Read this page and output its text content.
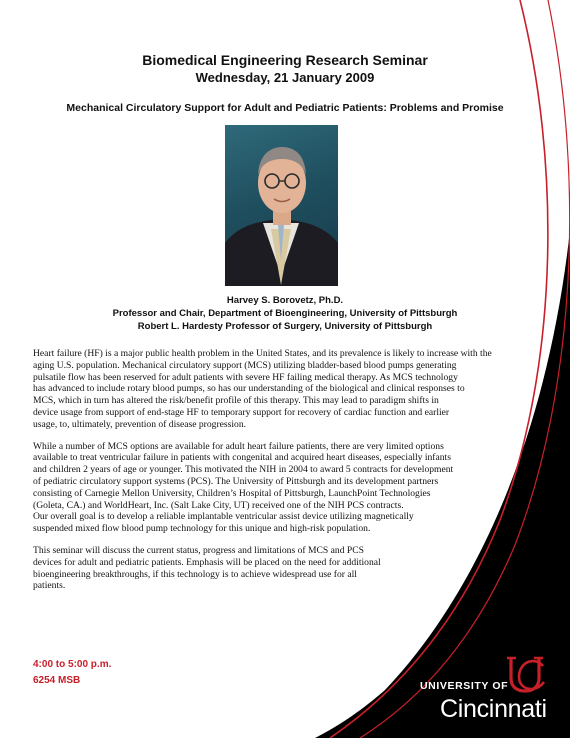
Biomedical Engineering Research Seminar
Wednesday, 21 January 2009
Mechanical Circulatory Support for Adult and Pediatric Patients: Problems and Promise
Harvey S. Borovetz, Ph.D.
Professor and Chair, Department of Bioengineering, University of Pittsburgh
Robert L. Hardesty Professor of Surgery, University of Pittsburgh

Heart failure (HF) is a major public health problem in the United States, and its prevalence is likely to increase with the
aging U.S. population. Mechanical circulatory support (MCS) utilizing bladder-based blood pumps generating
pulsatile flow has been reserved for adult patients with severe HF failing medical therapy. As MCS technology
has advanced to include rotary blood pumps, so has our understanding of the biological and clinical responses to
MCS, which in turn has altered the risk/benefit profile of this therapy. This may lead to paradigm shifts in
device usage from support of end-stage HF to temporary support for recovery of cardiac function and earlier
usage, to, ultimately, prevention of disease progression.

While a number of MCS options are available for adult heart failure patients, there are very limited options
available to treat ventricular failure in patients with congenital and acquired heart diseases, especially infants
and children 2 years of age or younger. This motivated the NIH in 2004 to award 5 contracts for development
of pediatric circulatory support systems (PCS). The University of Pittsburgh and its development partners
consisting of Carnegie Mellon University, Children’s Hospital of Pittsburgh, LaunchPoint Technologies
(Goleta, CA.) and WorldHeart, Inc. (Salt Lake City, UT) received one of the NIH PCS contracts.
Our overall goal is to develop a reliable implantable ventricular assist device utilizing magnetically
suspended mixed flow blood pump technology for this unique and high-risk population.

This seminar will discuss the current status, progress and limitations of MCS and PCS
devices for adult and pediatric patients. Emphasis will be placed on the need for additional
bioengineering breakthroughs, if this technology is to achieve widespread use for all
patients.

4:00 to 5:00 p.m.
6254 MSB	UNIVERSITY OF
Cincinnati
